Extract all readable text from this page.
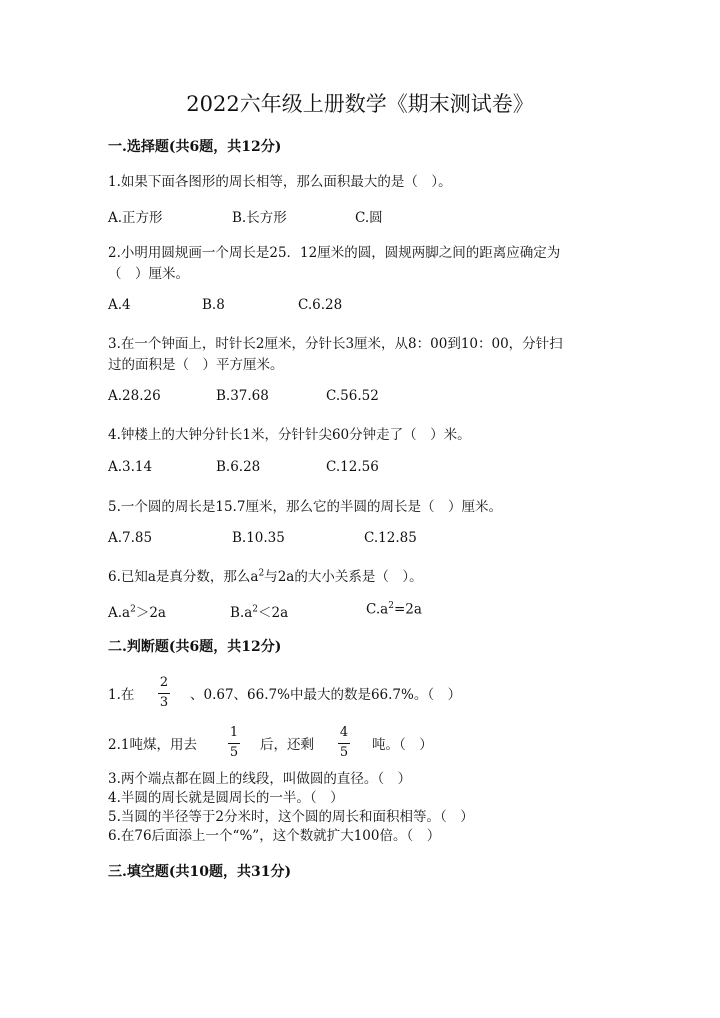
2022六年级上册数学《期末测试卷》
一.选择题(共6题，共12分)
1.如果下面各图形的周长相等，那么面积最大的是（　）。
A.正方形	B.长方形	C.圆
2.小明用圆规画一个周长是25．12厘米的圆，圆规两脚之间的距离应确定为
（　）厘米。
A.4	B.8	C.6.28
3.在一个钟面上，时针长2厘米，分针长3厘米，从8：00到10：00，分针扫
过的面积是（　）平方厘米。
A.28.26	B.37.68	C.56.52
4.钟楼上的大钟分针长1米，分针针尖60分钟走了（　）米。
A.3.14	B.6.28	C.12.56
5.一个圆的周长是15.7厘米，那么它的半圆的周长是（　）厘米。
A.7.85	B.10.35	C.12.85
6.已知a是真分数，那么$a^2$与2a的大小关系是（　）。
$A.a^2>2a$	$B.a^2<2a$	$C.a^2=2a$
二.判断题(共6题，共12分)
1.在
2
3 、0.67、66.7%中最大的数是66.7%。（　）
2.1吨煤，用去
1
5 后，还剩
4
5 吨。（　）
3.两个端点都在圆上的线段，叫做圆的直径。（　）
4.半圆的周长就是圆周长的一半。（　）
5.当圆的半径等于2分米时，这个圆的周长和面积相等。（　）
6.在76后面添上一个“%”，这个数就扩大100倍。（　）
三.填空题(共10题，共31分)
